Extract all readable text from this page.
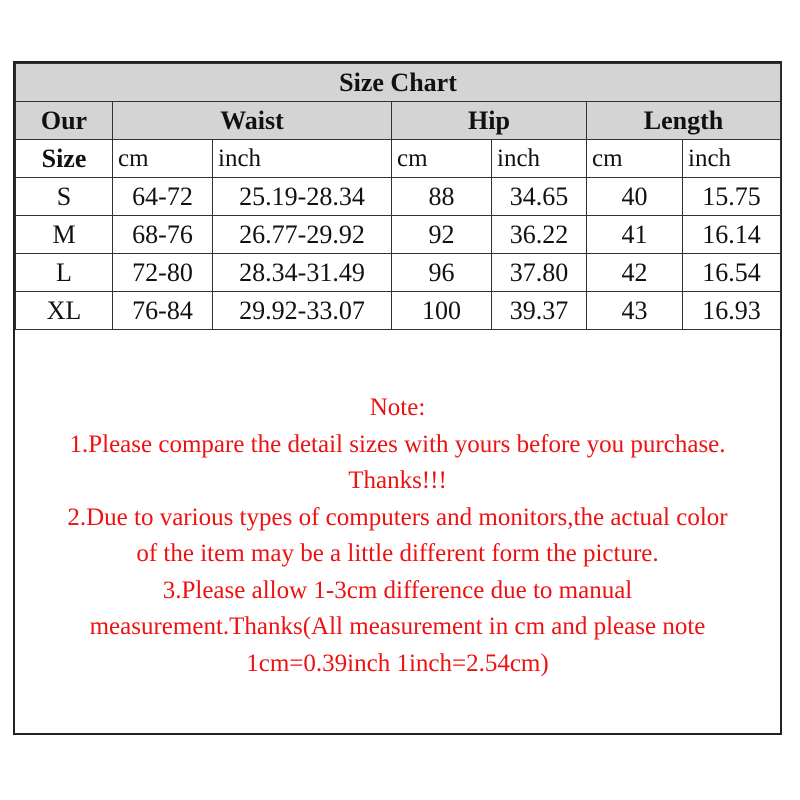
Size Chart						
Our	Waist		Hip		Length	
Size	cm	inch	cm	inch	cm	inch
S	64-72	25.19-28.34	88	34.65	40	15.75
M	68-76	26.77-29.92	92	36.22	41	16.14
L	72-80	28.34-31.49	96	37.80	42	16.54
XL	76-84	29.92-33.07	100	39.37	43	16.93
Note:
1.Please compare the detail sizes with yours before you purchase.
Thanks!!!
2.Due to various types of computers and monitors,the actual color
of the item may be a little different form the picture.
3.Please allow 1-3cm difference due to manual
measurement.Thanks(All measurement in cm and please note
1cm=0.39inch 1inch=2.54cm)
